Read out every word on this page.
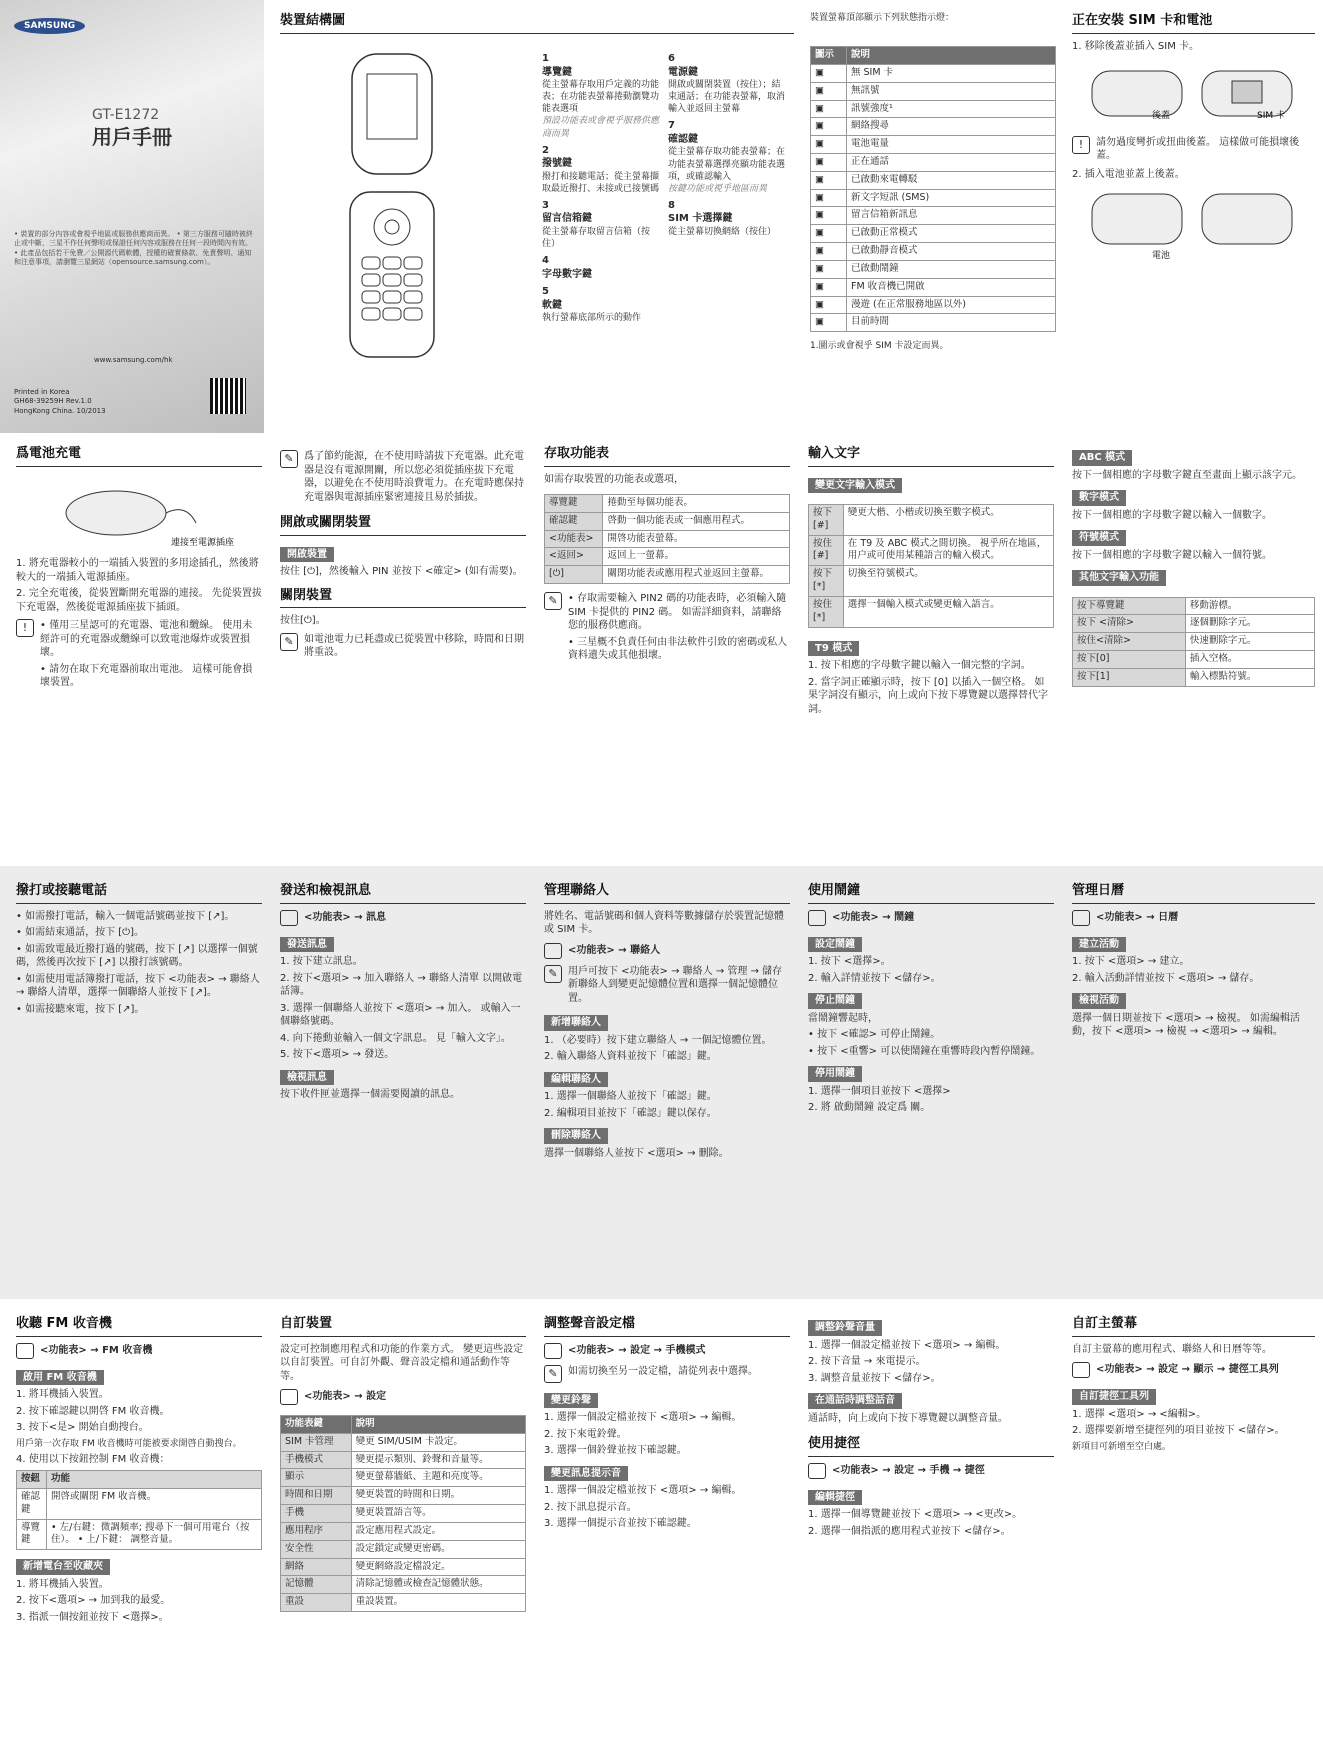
SAMSUNG
GT-E1272
用戶手冊
• 裝置的部分內容或會視乎地區或服務供應商而異。 • 第三方服務可隨時被終止或中斷，三星不作任何聲明或保證任何內容或服務在任何一段時間內有效。 • 此產品包括若干免費／公開源代碼軟體，授權的確實條款、免責聲明、通知和注意事項，請瀏覽三星網站（opensource.samsung.com）。
www.samsung.com/hk
Printed in Korea
GH68-39259H Rev.1.0
HongKong China. 10/2013
裝置結構圖
1
導覽鍵
從主螢幕存取用戶定義的功能表；在功能表螢幕捲動瀏覽功能表選項
預設功能表或會視乎服務供應商而異
2
撥號鍵
撥打和接聽電話；從主螢幕擷取最近撥打、未接或已接號碼
3
留言信箱鍵
從主螢幕存取留言信箱（按住）
4
字母數字鍵
5
軟鍵
執行螢幕底部所示的動作
6
電源鍵
開啟或關閉裝置（按住）；結束通話；在功能表螢幕，取消輸入並返回主螢幕
7
確認鍵
從主螢幕存取功能表螢幕；在功能表螢幕選擇亮顯功能表選項，或確認輸入
按鍵功能或視乎地區而異
8
SIM 卡選擇鍵
從主螢幕切換網絡（按住）
裝置螢幕頂部顯示下列狀態指示燈：
圖示	說明
▣	無 SIM 卡
▣	無訊號
▣	訊號強度¹
▣	網絡搜尋
▣	電池電量
▣	正在通話
▣	已啟動來電轉駁
▣	新文字短訊 (SMS)
▣	留言信箱新訊息
▣	已啟動正常模式
▣	已啟動靜音模式
▣	已啟動鬧鐘
▣	FM 收音機已開啟
▣	漫遊 (在正常服務地區以外)
▣	目前時間
1.圖示或會視乎 SIM 卡設定而異。
正在安裝 SIM 卡和電池

1. 移除後蓋並插入 SIM 卡。

後蓋	SIM 卡
!	請勿過度彎折或扭曲後蓋。 這樣做可能損壞後蓋。

2. 插入電池並蓋上後蓋。

電池
爲電池充電
連接至電源插座

1. 將充電器較小的一端插入裝置的多用途插孔，然後將較大的一端插入電源插座。

2. 完全充電後，從裝置斷開充電器的連接。 先從裝置拔下充電器，然後從電源插座拔下插頭。

!	• 僅用三星認可的充電器、電池和纜線。 使用未經許可的充電器或纜線可以致電池爆炸或裝置損壞。

• 請勿在取下充電器前取出電池。 這樣可能會損壞裝置。

✎	爲了節約能源，在不使用時請拔下充電器。此充電器是沒有電源開關，所以您必須從插座拔下充電器，以避免在不使用時浪費電力。在充電時應保持充電器與電源插座緊密連接且易於插拔。
開啟或關閉裝置
開啟裝置

按住 [⏻]，然後輸入 PIN 並按下 <確定> (如有需要)。

關閉裝置

按住[⏻]。

✎	如電池電力已耗盡或已從裝置中移除，時間和日期將重設。
存取功能表

如需存取裝置的功能表或選項，

導覽鍵	捲動至每個功能表。
確認鍵	啓動一個功能表或一個應用程式。
<功能表>	開啓功能表螢幕。
<返回>	返回上一螢幕。
[⏻]	關閉功能表或應用程式並返回主螢幕。
✎	• 存取需要輸入 PIN2 碼的功能表時，必須輸入隨 SIM 卡提供的 PIN2 碼。 如需詳細資料，請聯絡您的服務供應商。

• 三星概不負責任何由非法軟件引致的密碼或私人資料遺失或其他損壞。

輸入文字
變更文字輸入模式
按下[#]	變更大楷、小楷或切換至數字模式。
按住[#]	在 T9 及 ABC 模式之間切換。 視乎所在地區，用户或可使用某種語言的輸入模式。
按下[*]	切換至符號模式。
按住[*]	選擇一個輸入模式或變更輸入語言。
T9 模式

1. 按下相應的字母數字鍵以輸入一個完整的字詞。

2. 當字詞正確顯示時，按下 [0] 以插入一個空格。 如果字詞沒有顯示，向上或向下按下導覽鍵以選擇替代字詞。

ABC 模式

按下一個相應的字母數字鍵直至畫面上顯示該字元。

數字模式

按下一個相應的字母數字鍵以輸入一個數字。

符號模式

按下一個相應的字母數字鍵以輸入一個符號。

其他文字輸入功能
按下導覽鍵	移動游標。
按下 <清除>	逐個刪除字元。
按住<清除>	快速刪除字元。
按下[0]	插入空格。
按下[1]	輸入標點符號。
撥打或接聽電話

• 如需撥打電話，輸入一個電話號碼並按下 [↗]。

• 如需結束通話，按下 [⏻]。

• 如需致電最近撥打過的號碼，按下 [↗] 以選擇一個號碼，然後再次按下 [↗] 以撥打該號碼。

• 如需使用電話簿撥打電話，按下 <功能表> → 聯絡人 → 聯絡人清單，選擇一個聯絡人並按下 [↗]。

• 如需接聽來電，按下 [↗]。

發送和檢視訊息
<功能表> → 訊息
發送訊息

1. 按下建立訊息。

2. 按下<選項> → 加入聯絡人 → 聯絡人清單 以開啟電話簿。

3. 選擇一個聯絡人並按下 <選項> → 加入。 或輸入一個聯絡號碼。

4. 向下捲動並輸入一個文字訊息。 見「輸入文字」。

5. 按下<選項> → 發送。

檢視訊息

按下收件匣並選擇一個需要閱讀的訊息。

管理聯絡人

將姓名、電話號碼和個人資料等數據儲存於裝置記憶體或 SIM 卡。

<功能表> → 聯絡人
✎	用戶可按下 <功能表> → 聯絡人 → 管理 → 儲存新聯絡人到變更記憶體位置和選擇一個記憶體位置。
新增聯絡人

1. （必要時）按下建立聯絡人 → 一個記憶體位置。

2. 輸入聯絡人資料並按下「確認」鍵。

編輯聯絡人

1. 選擇一個聯絡人並按下「確認」鍵。

2. 編輯項目並按下「確認」鍵以保存。

刪除聯絡人

選擇一個聯絡人並按下 <選項> → 刪除。

使用鬧鐘
<功能表> → 鬧鐘
設定鬧鐘

1. 按下 <選擇>。

2. 輸入詳情並按下 <儲存>。

停止鬧鐘

當鬧鐘響起時，

• 按下 <確認> 可停止鬧鐘。

• 按下 <重響> 可以使鬧鐘在重響時段內暫停鬧鐘。

停用鬧鐘

1. 選擇一個項目並按下 <選擇>

2. 將 啟動鬧鐘 設定爲 關。

管理日曆
<功能表> → 日曆
建立活動

1. 按下 <選項> → 建立。

2. 輸入活動詳情並按下 <選項> → 儲存。

檢視活動

選擇一個日期並按下 <選項> → 檢視。 如需編輯活動，按下 <選項> → 檢視 → <選項> → 編輯。

收聽 FM 收音機
<功能表> → FM 收音機
啟用 FM 收音機

1. 將耳機插入裝置。

2. 按下確認鍵以開啓 FM 收音機。

3. 按下<是> 開始自動搜台。

用戶第一次存取 FM 收音機時可能被要求開啓自動搜台。

4. 使用以下按鈕控制 FM 收音機：

按鈕	功能
確認鍵	開啓或關閉 FM 收音機。
導覽鍵	• 左/右鍵：微調頻率; 搜尋下一個可用電台（按住）。 • 上/下鍵： 調整音量。
新增電台至收藏夾

1. 將耳機插入裝置。

2. 按下<選項> → 加到我的最愛。

3. 指派一個按鈕並按下 <選擇>。

自訂裝置

設定可控制應用程式和功能的作業方式。 變更這些設定以自訂裝置。可自訂外觀、聲音設定檔和通話動作等等。

<功能表> → 設定
功能表鍵	說明
SIM 卡管理	變更 SIM/USIM 卡設定。
手機模式	變更提示類別、鈴聲和音量等。
顯示	變更螢幕牆紙、主題和亮度等。
時間和日期	變更裝置的時間和日期。
手機	變更裝置語言等。
應用程序	設定應用程式設定。
安全性	設定鎖定或變更密碼。
網絡	變更網絡設定檔設定。
記憶體	清除記憶體或檢查記憶體狀態。
重設	重設裝置。
調整聲音設定檔
<功能表> → 設定 → 手機模式
✎	如需切換至另一設定檔，請從列表中選擇。
變更鈴聲

1. 選擇一個設定檔並按下 <選項> → 編輯。

2. 按下來電鈴聲。

3. 選擇一個鈴聲並按下確認鍵。

變更訊息提示音

1. 選擇一個設定檔並按下 <選項> → 編輯。

2. 按下訊息提示音。

3. 選擇一個提示音並按下確認鍵。

調整鈴聲音量

1. 選擇一個設定檔並按下 <選項> → 編輯。

2. 按下音量 → 來電提示。

3. 調整音量並按下 <儲存>。

在通話時調整話音

通話時，向上或向下按下導覽鍵以調整音量。

使用捷徑
<功能表> → 設定 → 手機 → 捷徑
編輯捷徑

1. 選擇一個導覽鍵並按下 <選項> → <更改>。

2. 選擇一個指派的應用程式並按下 <儲存>。

自訂主螢幕

自訂主螢幕的應用程式、聯絡人和日曆等等。

<功能表> → 設定 → 顯示 → 捷徑工具列
自訂捷徑工具列

1. 選擇 <選項> → <編輯>。

2. 選擇要新增至捷徑列的項目並按下 <儲存>。

新項目可新增至空白處。
